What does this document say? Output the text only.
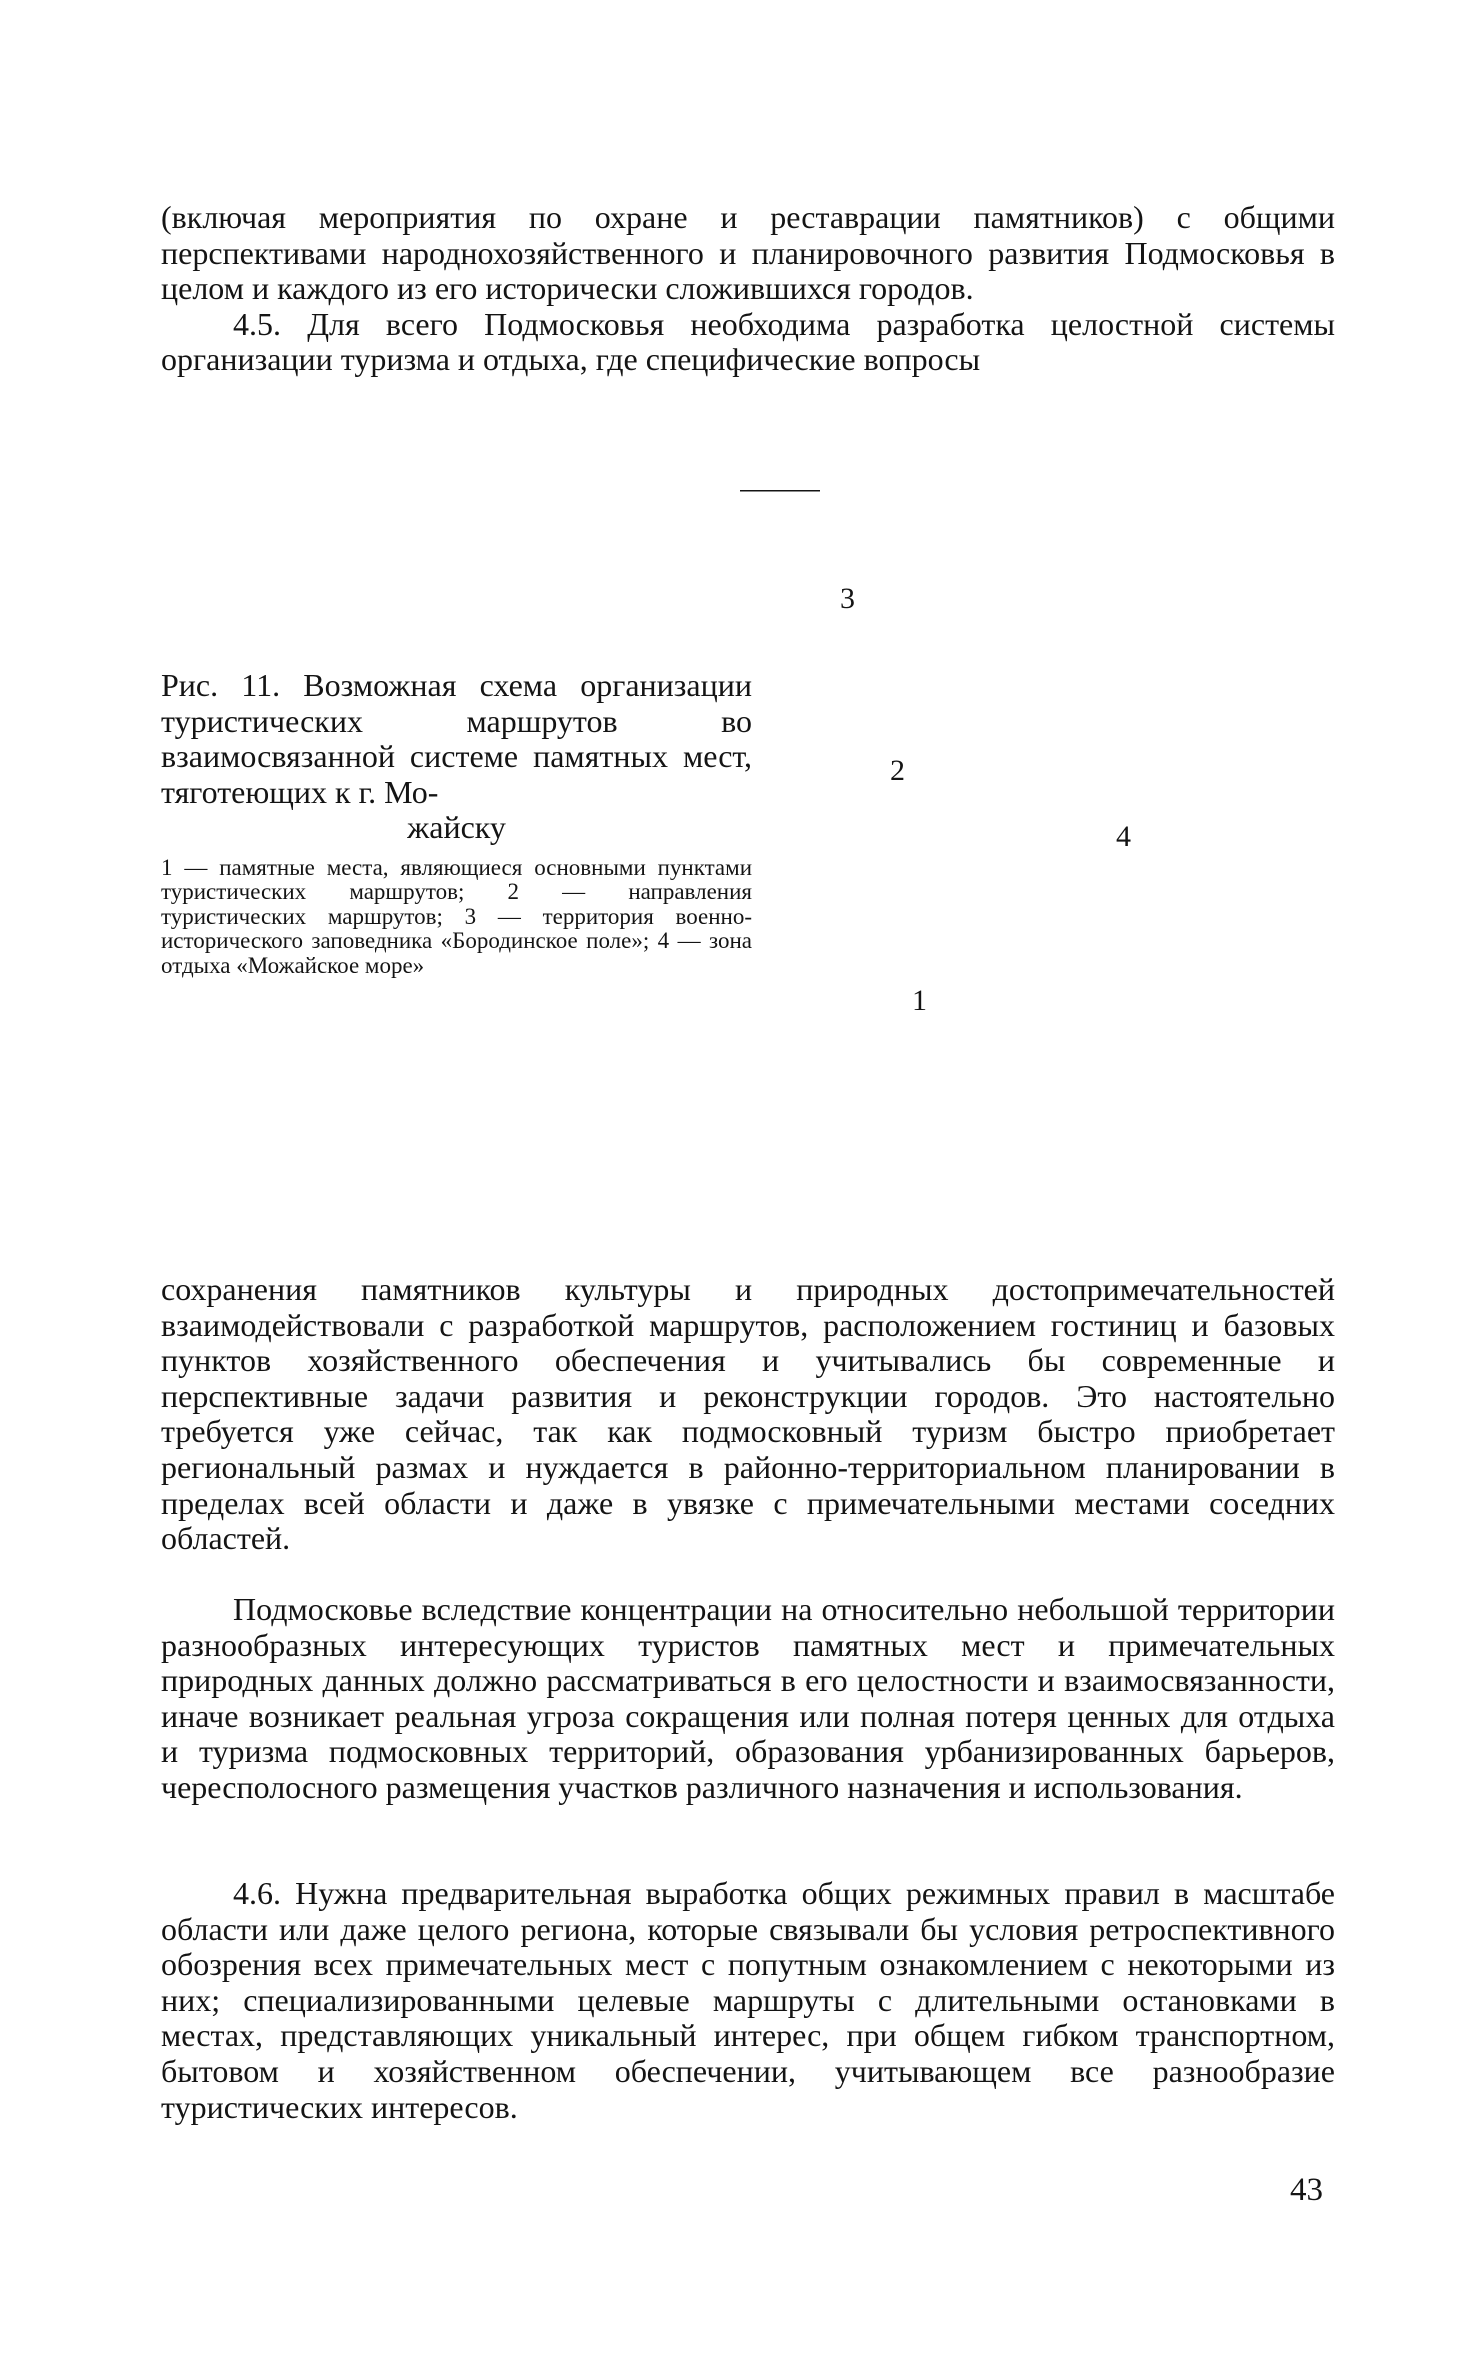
(включая мероприятия по охране и реставрации памятников) с общими перспективами народнохозяйственного и планировочного развития Подмосковья в целом и каждого из его исторически сложившихся городов.
4.5. Для всего Подмосковья необходима разработка целостной системы организации туризма и отдыха, где специфические вопросы

Рис. 11. Возможная схема организации туристических маршрутов во взаимосвязанной системе памятных мест, тяготеющих к г. Мо-
жайску

1 — памятные места, являющиеся основными пунктами туристических маршрутов; 2 — направления туристических маршрутов; 3 — территория военно-исторического заповедника «Бородинское поле»; 4 — зона отдыха «Можайское море»

3
2
4
1

сохранения памятников культуры и природных достопримечательностей взаимодействовали с разработкой маршрутов, расположением гостиниц и базовых пунктов хозяйственного обеспечения и учитывались бы современные и перспективные задачи развития и реконструкции городов. Это настоятельно требуется уже сейчас, так как подмосковный туризм быстро приобретает региональный размах и нуждается в районно-территориальном планировании в пределах всей области и даже в увязке с примечательными местами соседних областей.

Подмосковье вследствие концентрации на относительно небольшой территории разнообразных интересующих туристов памятных мест и примечательных природных данных должно рассматриваться в его целостности и взаимосвязанности, иначе возникает реальная угроза сокращения или полная потеря ценных для отдыха и туризма подмосковных территорий, образования урбанизированных барьеров, чересполосного размещения участков различного назначения и использования.

4.6. Нужна предварительная выработка общих режимных правил в масштабе области или даже целого региона, которые связывали бы условия ретроспективного обозрения всех примечательных мест с попутным ознакомлением с некоторыми из них; специализированными целевые маршруты с длительными остановками в местах, представляющих уникальный интерес, при общем гибком транспортном, бытовом и хозяйственном обеспечении, учитывающем все разнообразие туристических интересов.

43
